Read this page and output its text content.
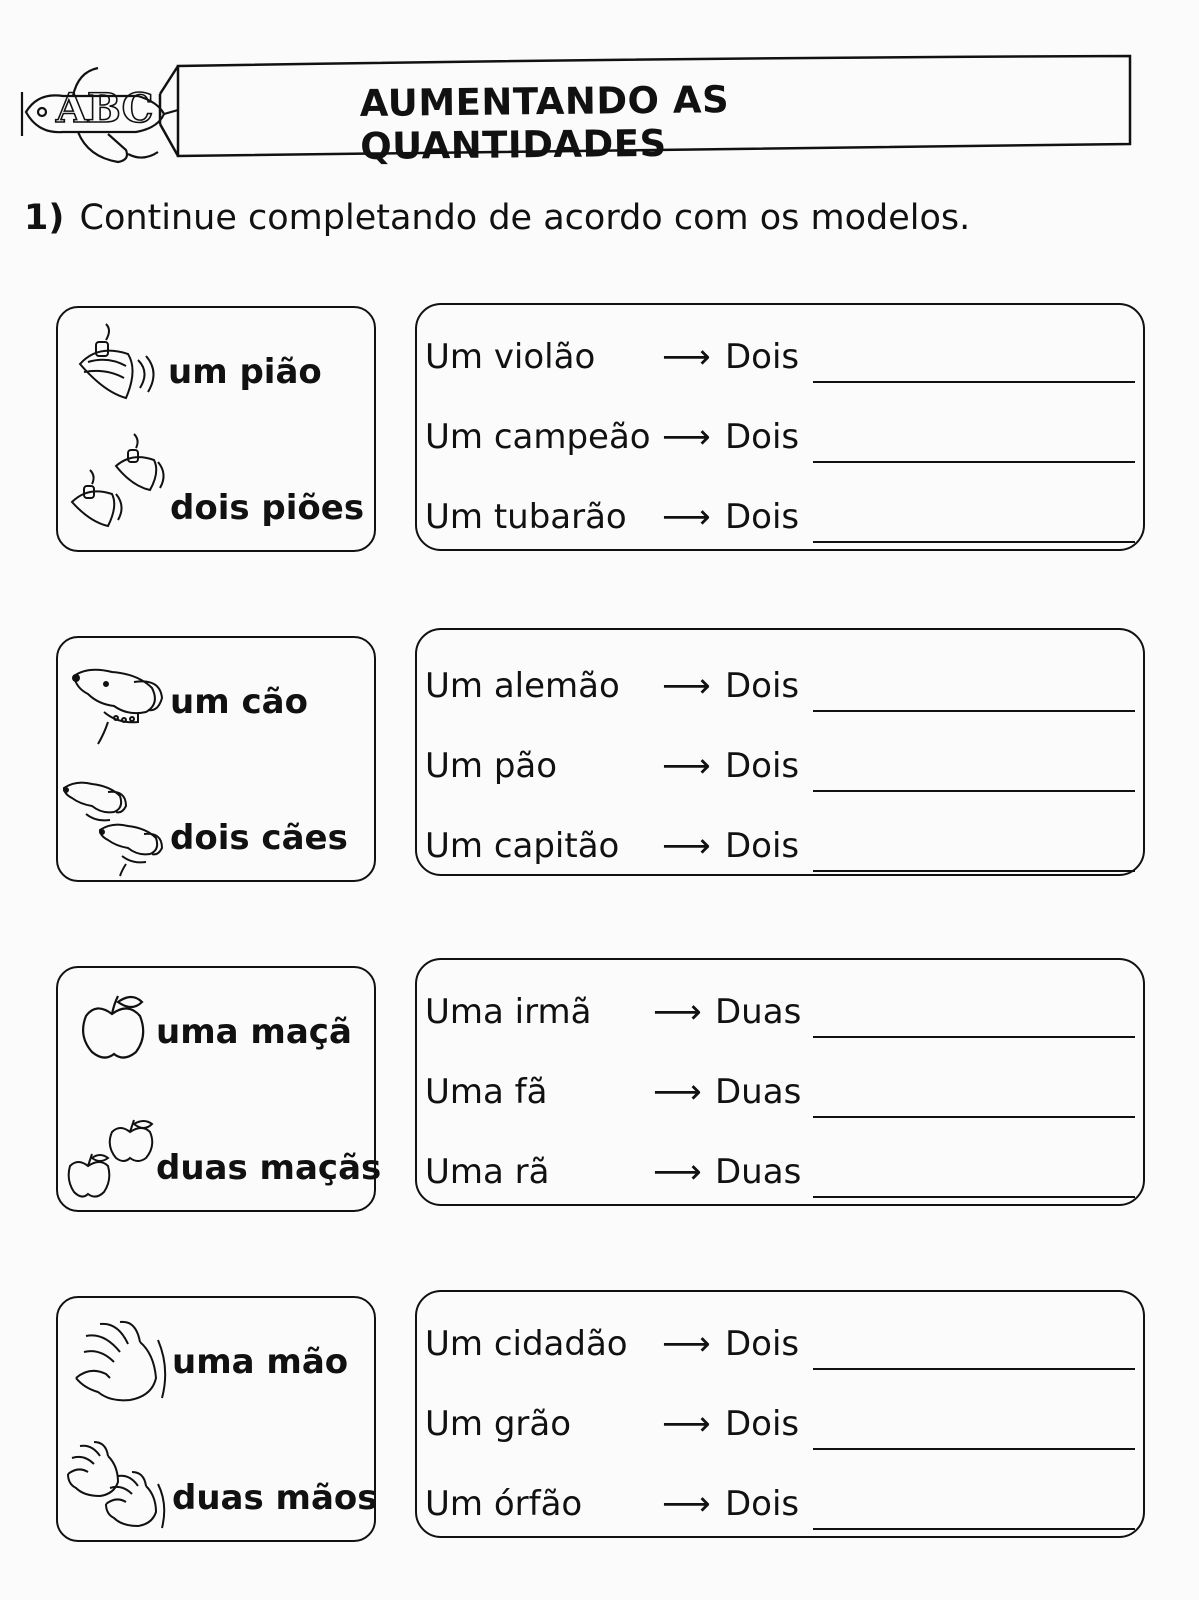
ABC	AUMENTANDO AS QUANTIDADES
1) Continue completando de acordo com os modelos.
um pião
dois piões
Um violão ⟶ Dois
Um campeão ⟶ Dois
Um tubarão ⟶ Dois
um cão
dois cães
Um alemão ⟶ Dois
Um pão	⟶ Dois
Um capitão ⟶ Dois
uma maçã
duas maçãs
Uma irmã ⟶ Duas
Uma fã	⟶ Duas
Uma rã	⟶ Duas
uma mão
duas mãos
Um cidadão ⟶ Dois
Um grão	⟶ Dois
Um órfão ⟶ Dois
